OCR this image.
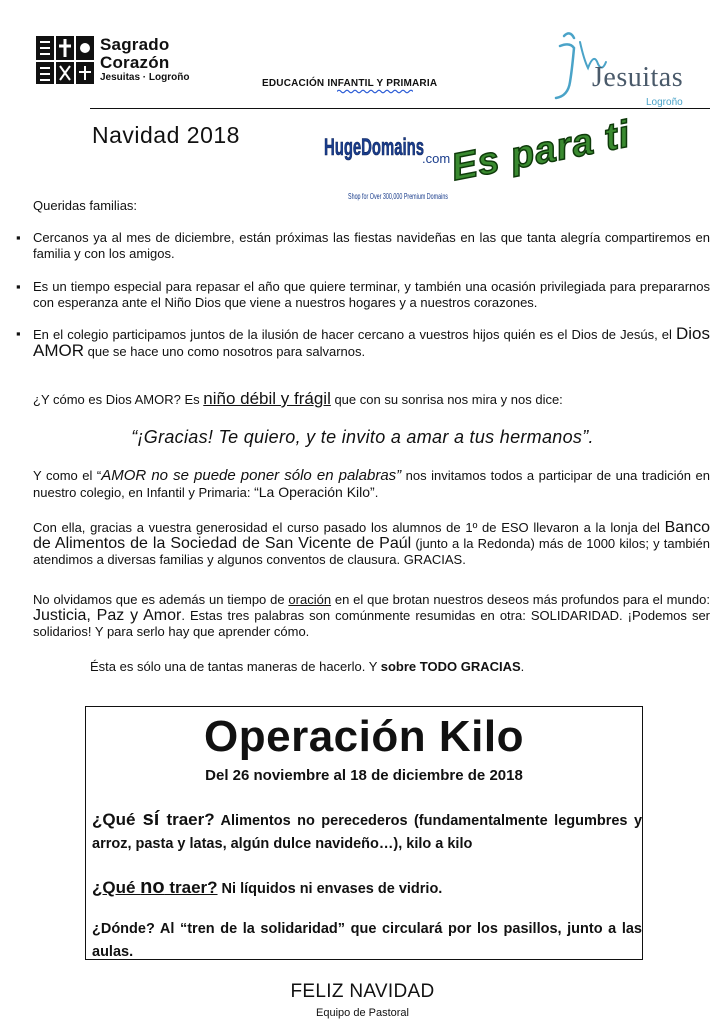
Sagrado
Corazón
Jesuitas · Logroño
EDUCACIÓN INFANTIL Y PRIMARIA	Jesuitas
Logroño
Navidad 2018	HugeDomains
.com
Shop for Over 300,000 Premium Domains
Es para ti
Queridas familias:
▪ Cercanos ya al mes de diciembre, están próximas las fiestas navideñas en las que tanta alegría compartiremos en familia y con los amigos.
▪ Es un tiempo especial para repasar el año que quiere terminar, y también una ocasión privilegiada para prepararnos con esperanza ante el Niño Dios que viene a nuestros hogares y a nuestros corazones.
▪ En el colegio participamos juntos de la ilusión de hacer cercano a vuestros hijos quién es el Dios de Jesús, el Dios AMOR que se hace uno como nosotros para salvarnos.
¿Y cómo es Dios AMOR? Es niño débil y frágil que con su sonrisa nos mira y nos dice:
“¡Gracias! Te quiero, y te invito a amar a tus hermanos”.
Y como el “AMOR no se puede poner sólo en palabras” nos invitamos todos a participar de una tradición en nuestro colegio, en Infantil y Primaria: “La Operación Kilo”.
Con ella, gracias a vuestra generosidad el curso pasado los alumnos de 1º de ESO llevaron a la lonja del Banco de Alimentos de la Sociedad de San Vicente de Paúl (junto a la Redonda) más de 1000 kilos; y también atendimos a diversas familias y algunos conventos de clausura. GRACIAS.
No olvidamos que es además un tiempo de oración en el que brotan nuestros deseos más profundos para el mundo: Justicia, Paz y Amor. Estas tres palabras son comúnmente resumidas en otra: SOLIDARIDAD. ¡Podemos ser solidarios! Y para serlo hay que aprender cómo.
Ésta es sólo una de tantas maneras de hacerlo. Y sobre TODO GRACIAS.
Operación Kilo
Del 26 noviembre al 18 de diciembre de 2018
¿Qué sí traer? Alimentos no perecederos (fundamentalmente legumbres y arroz, pasta y latas, algún dulce navideño…), kilo a kilo
¿Qué no traer? Ni líquidos ni envases de vidrio.
¿Dónde? Al “tren de la solidaridad” que circulará por los pasillos, junto a las aulas.
FELIZ NAVIDAD
Equipo de Pastoral
